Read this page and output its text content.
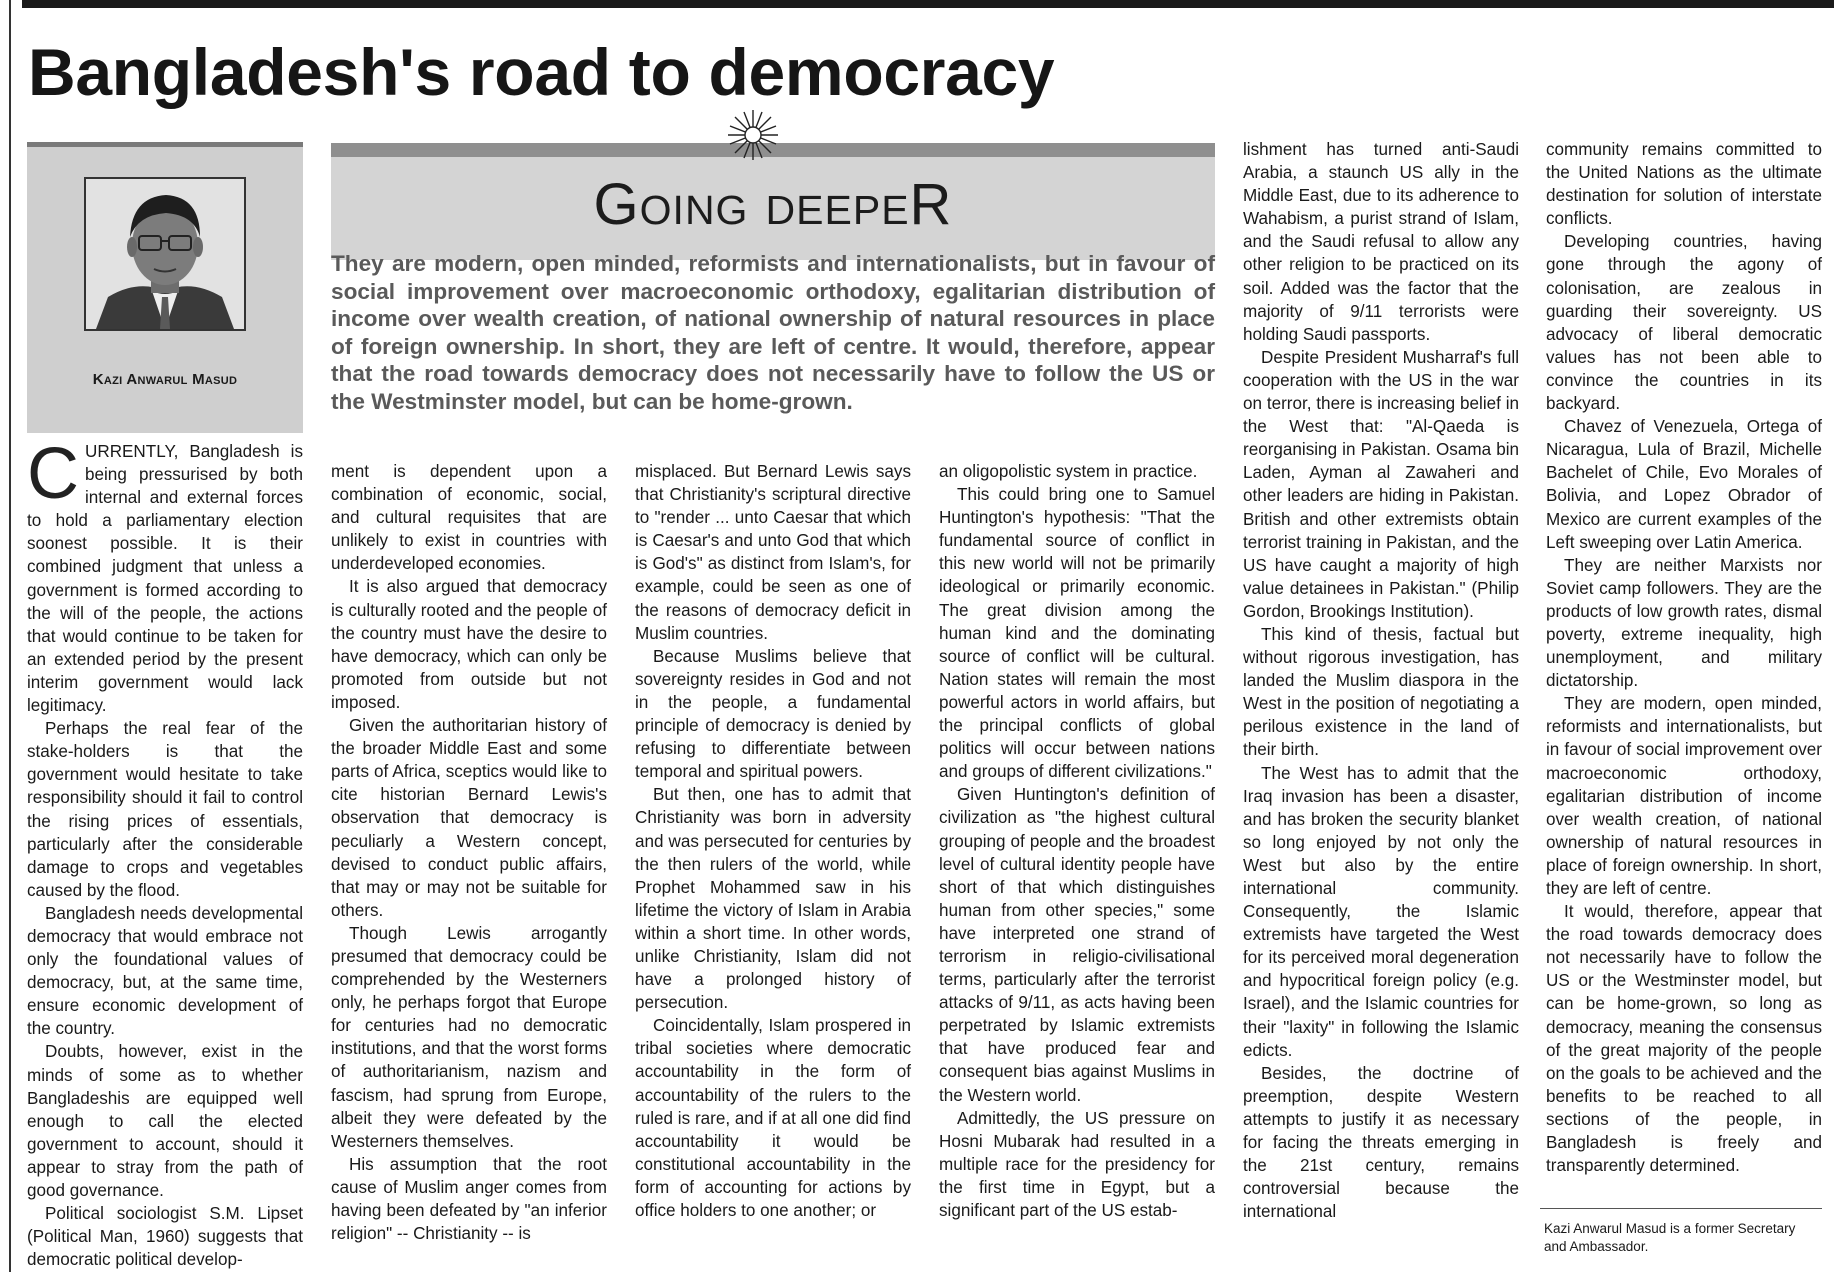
Bangladesh's road to democracy
Kazi Anwarul Masud
Going deepeR

They are modern, open minded, reformists and internationalists, but in favour of social improvement over macroeconomic orthodoxy, egalitarian distribution of income over wealth creation, of national ownership of natural resources in place of foreign ownership. In short, they are left of centre. It would, therefore, appear that the road towards democracy does not necessarily have to follow the US or the Westminster model, but can be home-grown.

CURRENTLY, Bangladesh is being pressurised by both internal and external forces to hold a parliamentary election soonest possible. It is their combined judgment that unless a government is formed according to the will of the people, the actions that would continue to be taken for an extended period by the present interim government would lack legitimacy.

Perhaps the real fear of the stake-holders is that the government would hesitate to take responsibility should it fail to control the rising prices of essentials, particularly after the considerable damage to crops and vegetables caused by the flood.

Bangladesh needs developmental democracy that would embrace not only the foundational values of democracy, but, at the same time, ensure economic development of the country.

Doubts, however, exist in the minds of some as to whether Bangladeshis are equipped well enough to call the elected government to account, should it appear to stray from the path of good governance.

Political sociologist S.M. Lipset (Political Man, 1960) suggests that democratic political develop-

ment is dependent upon a combination of economic, social, and cultural requisites that are unlikely to exist in countries with underdeveloped economies.

It is also argued that democracy is culturally rooted and the people of the country must have the desire to have democracy, which can only be promoted from outside but not imposed.

Given the authoritarian history of the broader Middle East and some parts of Africa, sceptics would like to cite historian Bernard Lewis's observation that democracy is peculiarly a Western concept, devised to conduct public affairs, that may or may not be suitable for others.

Though Lewis arrogantly presumed that democracy could be comprehended by the Westerners only, he perhaps forgot that Europe for centuries had no democratic institutions, and that the worst forms of authoritarianism, nazism and fascism, had sprung from Europe, albeit they were defeated by the Westerners themselves.

His assumption that the root cause of Muslim anger comes from having been defeated by "an inferior religion" -- Christianity -- is

misplaced. But Bernard Lewis says that Christianity's scriptural directive to "render ... unto Caesar that which is Caesar's and unto God that which is God's" as distinct from Islam's, for example, could be seen as one of the reasons of democracy deficit in Muslim countries.

Because Muslims believe that sovereignty resides in God and not in the people, a fundamental principle of democracy is denied by refusing to differentiate between temporal and spiritual powers.

But then, one has to admit that Christianity was born in adversity and was persecuted for centuries by the then rulers of the world, while Prophet Mohammed saw in his lifetime the victory of Islam in Arabia within a short time. In other words, unlike Christianity, Islam did not have a prolonged history of persecution.

Coincidentally, Islam prospered in tribal societies where democratic accountability in the form of accountability of the rulers to the ruled is rare, and if at all one did find accountability it would be constitutional accountability in the form of accounting for actions by office holders to one another; or

an oligopolistic system in practice.

This could bring one to Samuel Huntington's hypothesis: "That the fundamental source of conflict in this new world will not be primarily ideological or primarily economic. The great division among the human kind and the dominating source of conflict will be cultural. Nation states will remain the most powerful actors in world affairs, but the principal conflicts of global politics will occur between nations and groups of different civilizations."

Given Huntington's definition of civilization as "the highest cultural grouping of people and the broadest level of cultural identity people have short of that which distinguishes human from other species," some have interpreted one strand of terrorism in religio-civilisational terms, particularly after the terrorist attacks of 9/11, as acts having been perpetrated by Islamic extremists that have produced fear and consequent bias against Muslims in the Western world.

Admittedly, the US pressure on Hosni Mubarak had resulted in a multiple race for the presidency for the first time in Egypt, but a significant part of the US estab-

lishment has turned anti-Saudi Arabia, a staunch US ally in the Middle East, due to its adherence to Wahabism, a purist strand of Islam, and the Saudi refusal to allow any other religion to be practiced on its soil. Added was the factor that the majority of 9/11 terrorists were holding Saudi passports.

Despite President Musharraf's full cooperation with the US in the war on terror, there is increasing belief in the West that: "Al-Qaeda is reorganising in Pakistan. Osama bin Laden, Ayman al Zawaheri and other leaders are hiding in Pakistan. British and other extremists obtain terrorist training in Pakistan, and the US have caught a majority of high value detainees in Pakistan." (Philip Gordon, Brookings Institution).

This kind of thesis, factual but without rigorous investigation, has landed the Muslim diaspora in the West in the position of negotiating a perilous existence in the land of their birth.

The West has to admit that the Iraq invasion has been a disaster, and has broken the security blanket so long enjoyed by not only the West but also by the entire international community. Consequently, the Islamic extremists have targeted the West for its perceived moral degeneration and hypocritical foreign policy (e.g. Israel), and the Islamic countries for their "laxity" in following the Islamic edicts.

Besides, the doctrine of preemption, despite Western attempts to justify it as necessary for facing the threats emerging in the 21st century, remains controversial because the international

community remains committed to the United Nations as the ultimate destination for solution of interstate conflicts.

Developing countries, having gone through the agony of colonisation, are zealous in guarding their sovereignty. US advocacy of liberal democratic values has not been able to convince the countries in its backyard.

Chavez of Venezuela, Ortega of Nicaragua, Lula of Brazil, Michelle Bachelet of Chile, Evo Morales of Bolivia, and Lopez Obrador of Mexico are current examples of the Left sweeping over Latin America.

They are neither Marxists nor Soviet camp followers. They are the products of low growth rates, dismal poverty, extreme inequality, high unemployment, and military dictatorship.

They are modern, open minded, reformists and internationalists, but in favour of social improvement over macroeconomic orthodoxy, egalitarian distribution of income over wealth creation, of national ownership of natural resources in place of foreign ownership. In short, they are left of centre.

It would, therefore, appear that the road towards democracy does not necessarily have to follow the US or the Westminster model, but can be home-grown, so long as democracy, meaning the consensus of the great majority of the people on the goals to be achieved and the benefits to be reached to all sections of the people, in Bangladesh is freely and transparently determined.

Kazi Anwarul Masud is a former Secretary and Ambassador.
